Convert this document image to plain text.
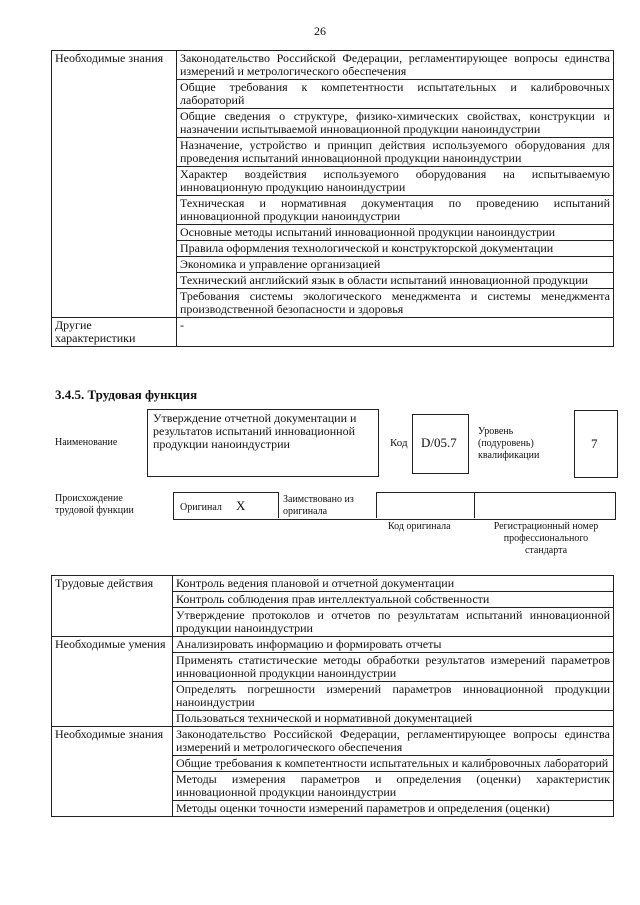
26
Необходимые знания	Законодательство Российской Федерации, регламентирующее вопросы единства измерений и метрологического обеспечения
	Общие требования к компетентности испытательных и калибровочных лабораторий
	Общие сведения о структуре, физико-химических свойствах, конструкции и назначении испытываемой инновационной продукции наноиндустрии
	Назначение, устройство и принцип действия используемого оборудования для проведения испытаний инновационной продукции наноиндустрии
	Характер воздействия используемого оборудования на испытываемую инновационную продукцию наноиндустрии
	Техническая и нормативная документация по проведению испытаний инновационной продукции наноиндустрии
	Основные методы испытаний инновационной продукции наноиндустрии
	Правила оформления технологической и конструкторской документации
	Экономика и управление организацией
	Технический английский язык в области испытаний инновационной продукции
	Требования системы экологического менеджмента и системы менеджмента производственной безопасности и здоровья
Другие характеристики	-
3.4.5. Трудовая функция
Наименование
Утверждение отчетной документации и результатов испытаний инновационной продукции наноиндустрии	Код D/05.7
Уровень (подуровень) квалификации
7
Происхождение трудовой функции	Оригинал X	Заимствовано из оригинала
Код оригинала	Регистрационный номер профессионального стандарта
Трудовые действия	Контроль ведения плановой и отчетной документации
	Контроль соблюдения прав интеллектуальной собственности
	Утверждение протоколов и отчетов по результатам испытаний инновационной продукции наноиндустрии
Необходимые умения	Анализировать информацию и формировать отчеты
	Применять статистические методы обработки результатов измерений параметров инновационной продукции наноиндустрии
	Определять погрешности измерений параметров инновационной продукции наноиндустрии
	Пользоваться технической и нормативной документацией
Необходимые знания	Законодательство Российской Федерации, регламентирующее вопросы единства измерений и метрологического обеспечения
	Общие требования к компетентности испытательных и калибровочных лабораторий
	Методы измерения параметров и определения (оценки) характеристик инновационной продукции наноиндустрии
	Методы оценки точности измерений параметров и определения (оценки)
